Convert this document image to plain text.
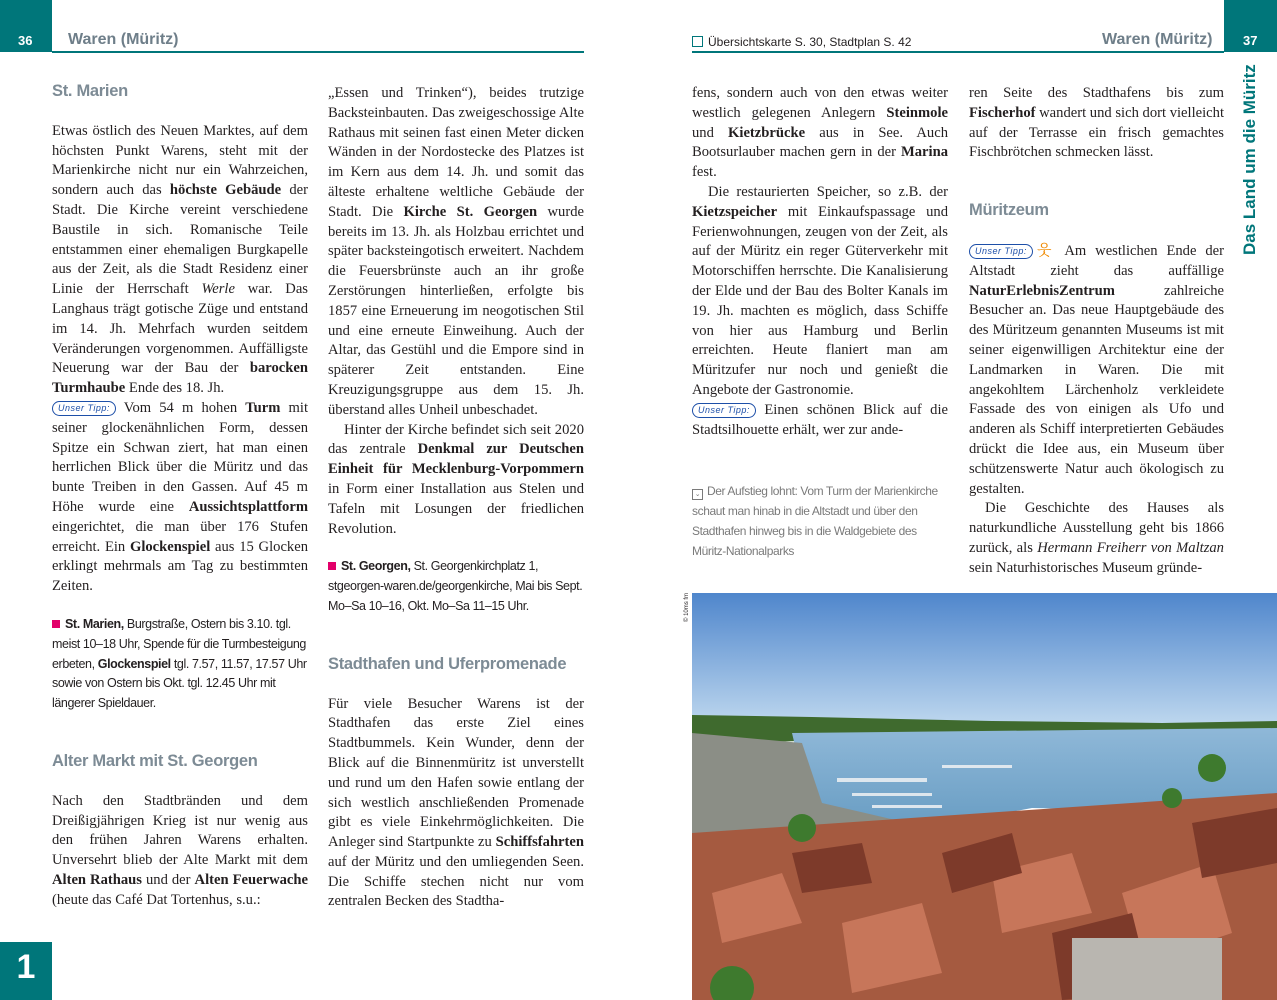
36 Waren (Müritz)	Übersichtskarte S. 30, Stadtplan S. 42	Waren (Müritz) 37
Das Land um die Müritz
St. Marien

Etwas östlich des Neuen Marktes, auf dem höchsten Punkt Warens, steht mit der Marienkirche nicht nur ein Wahrzeichen, sondern auch das höchste Gebäude der Stadt. Die Kirche vereint verschiedene Baustile in sich. Romanische Teile entstammen einer ehemaligen Burgkapelle aus der Zeit, als die Stadt Residenz einer Linie der Herrschaft Werle war. Das Langhaus trägt gotische Züge und entstand im 14. Jh. Mehrfach wurden seitdem Veränderungen vorgenommen. Auffälligste Neuerung war der Bau der barocken Turmhaube Ende des 18. Jh.

Unser Tipp: Vom 54 m hohen Turm mit seiner glockenähnlichen Form, dessen Spitze ein Schwan ziert, hat man einen herrlichen Blick über die Müritz und das bunte Treiben in den Gassen. Auf 45 m Höhe wurde eine Aussichtsplattform eingerichtet, die man über 176 Stufen erreicht. Ein Glockenspiel aus 15 Glocken erklingt mehrmals am Tag zu bestimmten Zeiten.

St. Marien, Burgstraße, Ostern bis 3.10. tgl. meist 10–18 Uhr, Spende für die Turmbesteigung erbeten, Glockenspiel tgl. 7.57, 11.57, 17.57 Uhr sowie von Ostern bis Okt. tgl. 12.45 Uhr mit längerer Spieldauer.

Alter Markt mit St. Georgen

Nach den Stadtbränden und dem Dreißigjährigen Krieg ist nur wenig aus den frühen Jahren Warens erhalten. Unversehrt blieb der Alte Markt mit dem Alten Rathaus und der Alten Feuerwache (heute das Café Dat Tortenhus, s.u.:

„Essen und Trinken“), beides trutzige Backsteinbauten. Das zweigeschossige Alte Rathaus mit seinen fast einen Meter dicken Wänden in der Nordostecke des Platzes ist im Kern aus dem 14. Jh. und somit das älteste erhaltene weltliche Gebäude der Stadt. Die Kirche St. Georgen wurde bereits im 13. Jh. als Holzbau errichtet und später backsteingotisch erweitert. Nachdem die Feuersbrünste auch an ihr große Zerstörungen hinterließen, erfolgte bis 1857 eine Erneuerung im neogotischen Stil und eine erneute Einweihung. Auch der Altar, das Gestühl und die Empore sind in späterer Zeit entstanden. Eine Kreuzigungsgruppe aus dem 15. Jh. überstand alles Unheil unbeschadet.

Hinter der Kirche befindet sich seit 2020 das zentrale Denkmal zur Deutschen Einheit für Mecklenburg-Vorpommern in Form einer Installation aus Stelen und Tafeln mit Losungen der friedlichen Revolution.

St. Georgen, St. Georgenkirchplatz 1, stgeorgen-waren.de/georgenkirche, Mai bis Sept. Mo–Sa 10–16, Okt. Mo–Sa 11–15 Uhr.

Stadthafen und Uferpromenade

Für viele Besucher Warens ist der Stadthafen das erste Ziel eines Stadtbummels. Kein Wunder, denn der Blick auf die Binnenmüritz ist unverstellt und rund um den Hafen sowie entlang der sich westlich anschließenden Promenade gibt es viele Einkehrmöglichkeiten. Die Anleger sind Startpunkte zu Schiffsfahrten auf der Müritz und den umliegenden Seen. Die Schiffe stechen nicht nur vom zentralen Becken des Stadtha-

fens, sondern auch von den etwas weiter westlich gelegenen Anlegern Steinmole und Kietzbrücke aus in See. Auch Bootsurlauber machen gern in der Marina fest.

Die restaurierten Speicher, so z.B. der Kietzspeicher mit Einkaufspassage und Ferienwohnungen, zeugen von der Zeit, als auf der Müritz ein reger Güterverkehr mit Motorschiffen herrschte. Die Kanalisierung der Elde und der Bau des Bolter Kanals im 19. Jh. machten es möglich, dass Schiffe von hier aus Hamburg und Berlin erreichten. Heute flaniert man am Müritzufer nur noch und genießt die Angebote der Gastronomie.

Unser Tipp: Einen schönen Blick auf die Stadtsilhouette erhält, wer zur ande-

⌄ Der Aufstieg lohnt: Vom Turm der Marienkirche schaut man hinab in die Altstadt und über den Stadthafen hinweg bis in die Waldgebiete des Müritz-Nationalparks

ren Seite des Stadthafens bis zum Fischerhof wandert und sich dort vielleicht auf der Terrasse ein frisch gemachtes Fischbrötchen schmecken lässt.

Müritzeum

Unser Tipp: 웃 Am westlichen Ende der Altstadt zieht das auffällige NaturErlebnisZentrum zahlreiche Besucher an. Das neue Hauptgebäude des des Müritzeum genannten Museums ist mit seiner eigenwilligen Architektur eine der Landmarken in Waren. Die mit angekohltem Lärchenholz verkleidete Fassade des von einigen als Ufo und anderen als Schiff interpretierten Gebäudes drückt die Idee aus, ein Museum über schützenswerte Natur auch ökologisch zu gestalten.

Die Geschichte des Hauses als naturkundliche Ausstellung geht bis 1866 zurück, als Hermann Freiherr von Maltzan sein Naturhistorisches Museum gründe-

© 10ms fm
1
